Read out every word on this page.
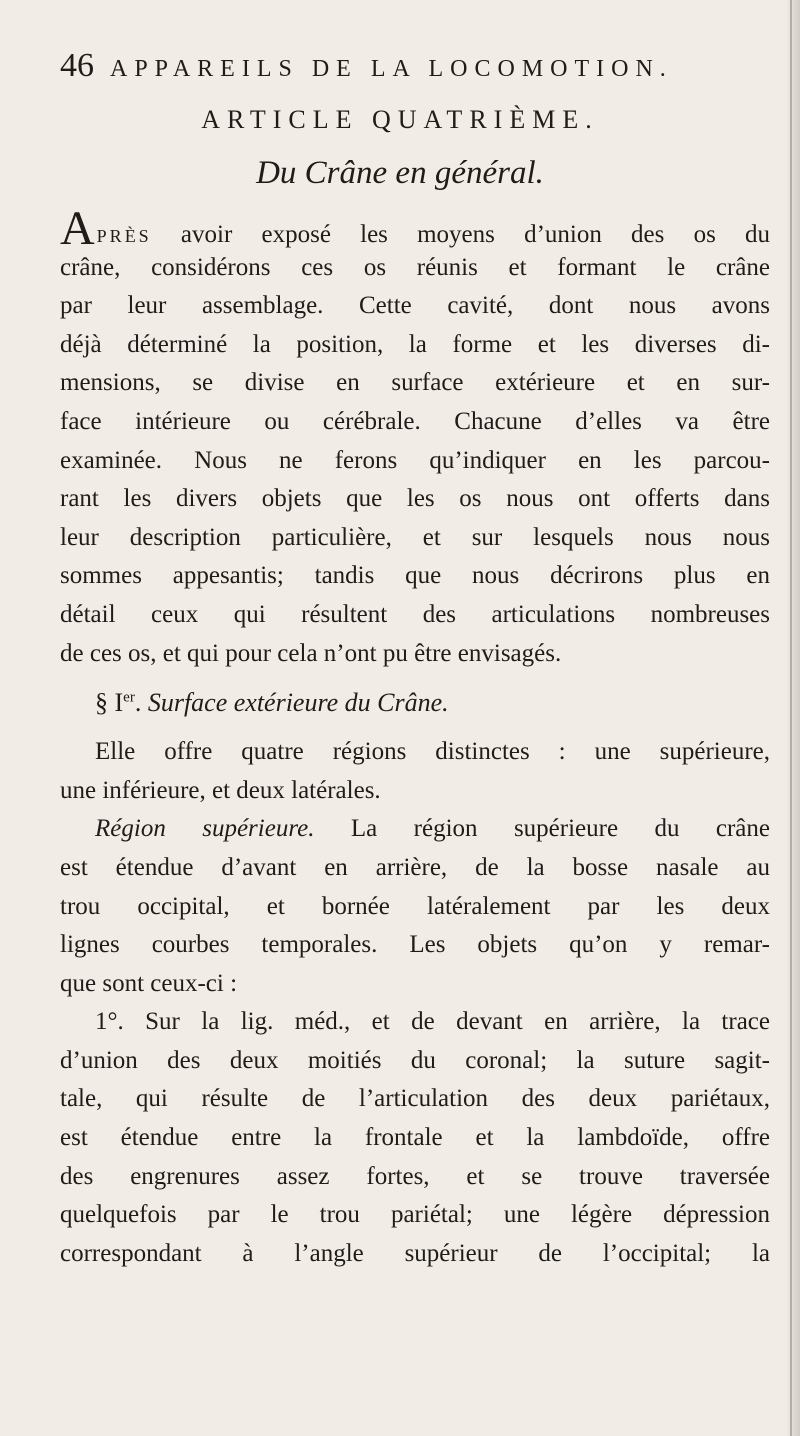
46 APPAREILS DE LA LOCOMOTION.
ARTICLE QUATRIÈME.
Du Crâne en général.
APRÈS avoir exposé les moyens d’union des os du
crâne, considérons ces os réunis et formant le crâne
par leur assemblage. Cette cavité, dont nous avons
déjà déterminé la position, la forme et les diverses di-
mensions, se divise en surface extérieure et en sur-
face intérieure ou cérébrale. Chacune d’elles va être
examinée. Nous ne ferons qu’indiquer en les parcou-
rant les divers objets que les os nous ont offerts dans
leur description particulière, et sur lesquels nous nous
sommes appesantis; tandis que nous décrirons plus en
détail ceux qui résultent des articulations nombreuses
de ces os, et qui pour cela n’ont pu être envisagés.
§ Ier. Surface extérieure du Crâne.
Elle offre quatre régions distinctes : une supérieure,
une inférieure, et deux latérales.
Région supérieure. La région supérieure du crâne
est étendue d’avant en arrière, de la bosse nasale au
trou occipital, et bornée latéralement par les deux
lignes courbes temporales. Les objets qu’on y remar-
que sont ceux-ci :
1°. Sur la lig. méd., et de devant en arrière, la trace
d’union des deux moitiés du coronal; la suture sagit-
tale, qui résulte de l’articulation des deux pariétaux,
est étendue entre la frontale et la lambdoïde, offre
des engrenures assez fortes, et se trouve traversée
quelquefois par le trou pariétal; une légère dépression
correspondant à l’angle supérieur de l’occipital; la
